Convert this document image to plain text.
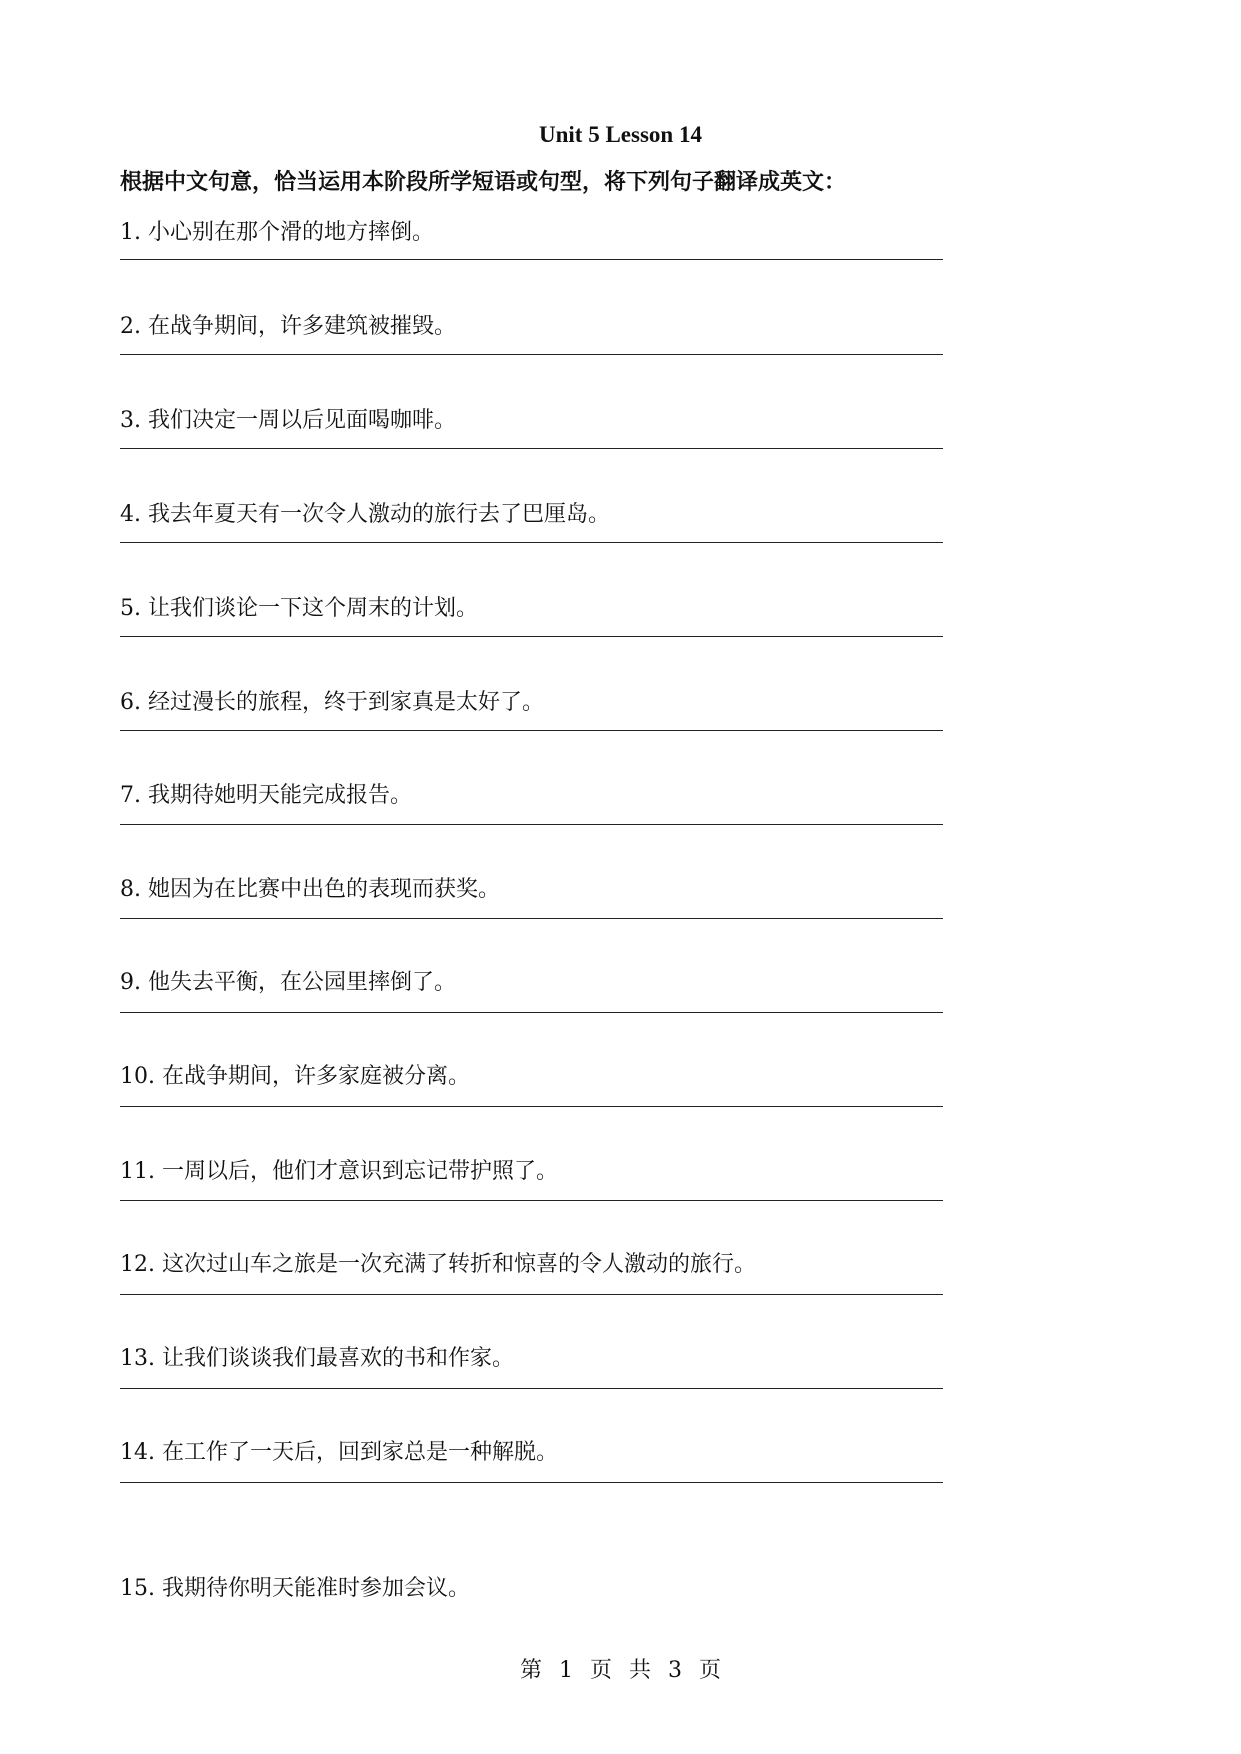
Unit 5 Lesson 14
根据中文句意，恰当运用本阶段所学短语或句型，将下列句子翻译成英文：
1. 小心别在那个滑的地方摔倒。
2. 在战争期间，许多建筑被摧毁。
3. 我们决定一周以后见面喝咖啡。
4. 我去年夏天有一次令人激动的旅行去了巴厘岛。
5. 让我们谈论一下这个周末的计划。
6. 经过漫长的旅程，终于到家真是太好了。
7. 我期待她明天能完成报告。
8. 她因为在比赛中出色的表现而获奖。
9. 他失去平衡，在公园里摔倒了。
10. 在战争期间，许多家庭被分离。
11. 一周以后，他们才意识到忘记带护照了。
12. 这次过山车之旅是一次充满了转折和惊喜的令人激动的旅行。
13. 让我们谈谈我们最喜欢的书和作家。
14. 在工作了一天后，回到家总是一种解脱。
15. 我期待你明天能准时参加会议。
第 1 页 共 3 页
